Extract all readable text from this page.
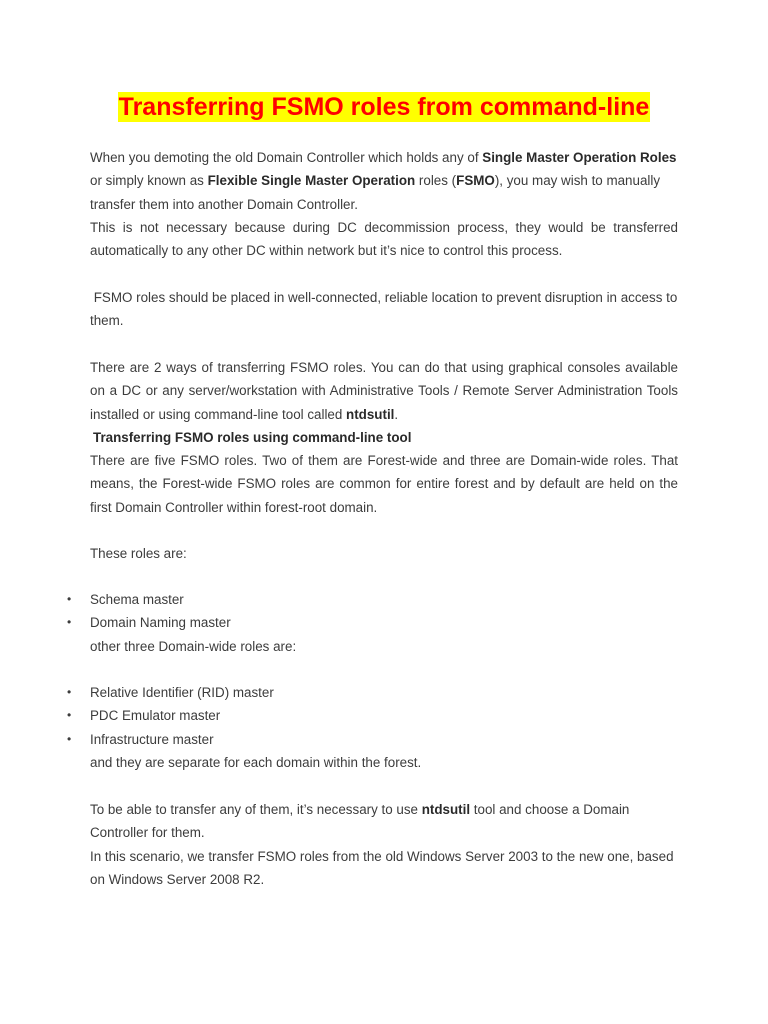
Transferring FSMO roles from command-line

When you demoting the old Domain Controller which holds any of Single Master Operation Roles or simply known as Flexible Single Master Operation roles (FSMO), you may wish to manually transfer them into another Domain Controller.

This is not necessary because during DC decommission process, they would be transferred automatically to any other DC within network but it’s nice to control this process.

FSMO roles should be placed in well-connected, reliable location to prevent disruption in access to them.

There are 2 ways of transferring FSMO roles. You can do that using graphical consoles available on a DC or any server/workstation with Administrative Tools / Remote Server Administration Tools installed or using command-line tool called ntdsutil.

Transferring FSMO roles using command-line tool

There are five FSMO roles. Two of them are Forest-wide and three are Domain-wide roles. That means, the Forest-wide FSMO roles are common for entire forest and by default are held on the first Domain Controller within forest-root domain.

These roles are:
• Schema master
• Domain Naming master
other three Domain-wide roles are:
• Relative Identifier (RID) master
• PDC Emulator master
• Infrastructure master
and they are separate for each domain within the forest.

To be able to transfer any of them, it’s necessary to use ntdsutil tool and choose a Domain Controller for them.

In this scenario, we transfer FSMO roles from the old Windows Server 2003 to the new one, based on Windows Server 2008 R2.
